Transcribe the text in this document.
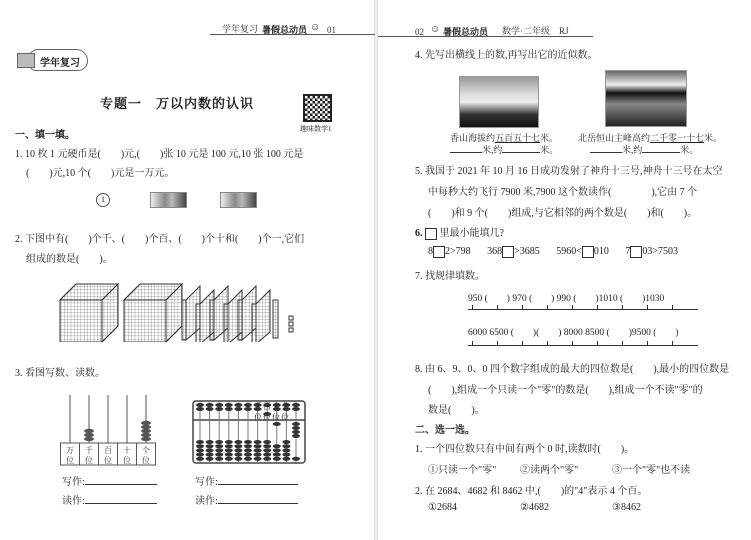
学年复习 暑假总动员 ☺ 01
学年复习
专题一　万以内数的认识
趣味数学1
一、填一填。
1. 10 枚 1 元硬币是(　　)元,(　　)张 10 元是 100 元,10 张 100 元是
(　　)元,10 个(　　)元是一万元。
1
2. 下图中有(　　)个千、(　　)个百、(　　)个十和(　　)个一,它们
组成的数是(　　)。
3. 看图写数、读数。
万
位
千
位
百
位
十
位
个
位
千百十个
位位位位
写作:
读作:
写作:
读作:
02 ☺ 暑假总动员 数学·二年级　RJ
4. 先写出横线上的数,再写出它的近似数。
香山海拔约五百五十七米。
米,约	米。
北岳恒山主峰高约二千零一十七米。
米,约	米。
5. 我国于 2021 年 10 月 16 日成功发射了神舟十三号,神舟十三号在太空
中每秒大约飞行 7900 米,7900 这个数读作(　　　　),它由 7 个
(　　)和 9 个(　　)组成,与它相邻的两个数是(　　)和(　　)。
6. 里最小能填几?
8 2>798 368 >3685 5960< 010 7 03>7503
7. 找规律填数。
950 (　　) 970 (　　) 990 (　　)1010 (　　)1030
6000 6500 (　　)(　　) 8000 8500 (　　)9500 (　　)
8. 由 6、9、0、0 四个数字组成的最大的四位数是(　　),最小的四位数是
(　　),组成一个只读一个"零"的数是(　　),组成一个不读"零"的
数是(　　)。
二、选一选。
1. 一个四位数只有中间有两个 0 时,读数时(　　)。
①只读一个"零" ②读两个"零"	③一个"零"也不读
2. 在 2684、4682 和 8462 中,(　　)的"4"表示 4 个百。
①2684	②4682	③8462
